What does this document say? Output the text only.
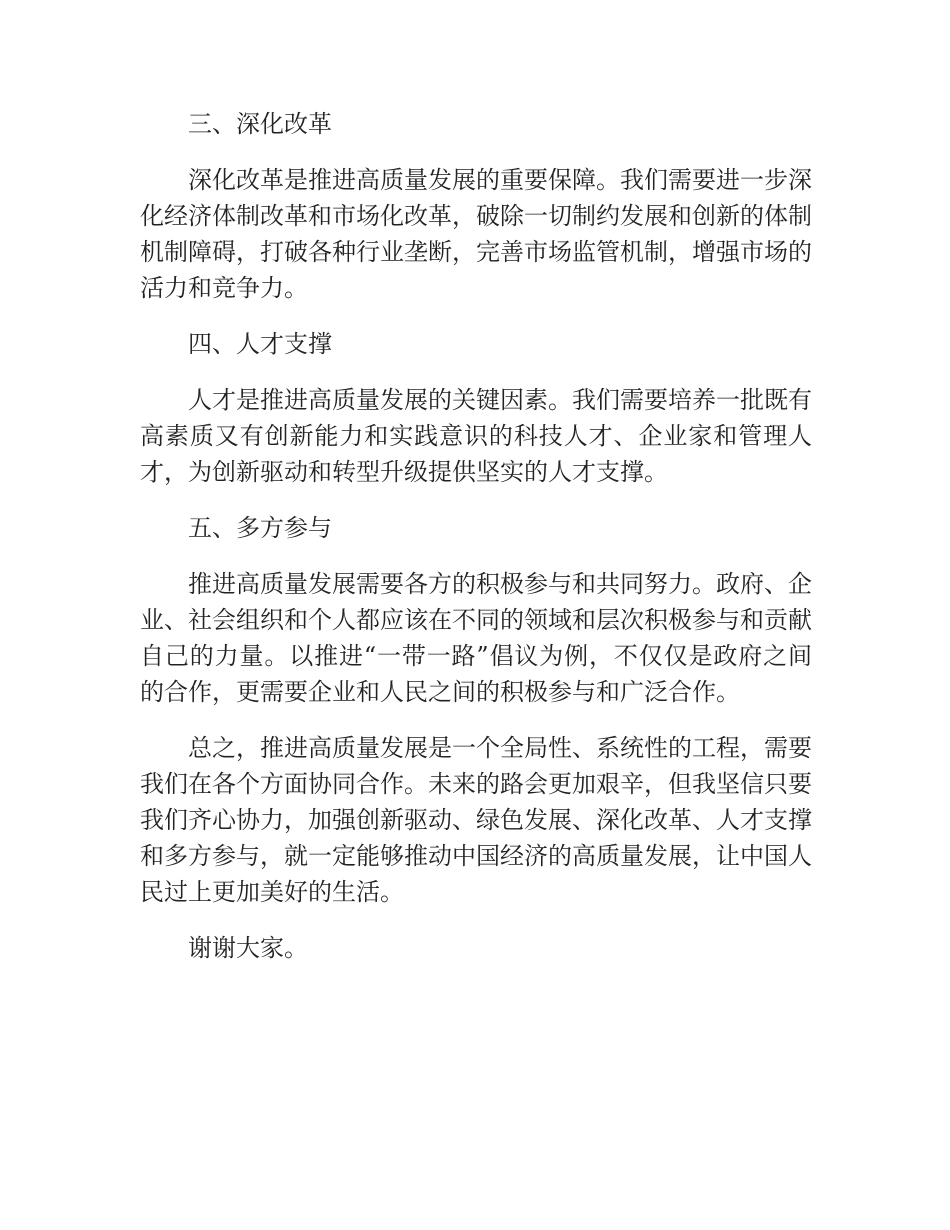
三、深化改革

深化改革是推进高质量发展的重要保障。我们需要进一步深化经济体制改革和市场化改革，破除一切制约发展和创新的体制机制障碍，打破各种行业垄断，完善市场监管机制，增强市场的活力和竞争力。

四、人才支撑

人才是推进高质量发展的关键因素。我们需要培养一批既有高素质又有创新能力和实践意识的科技人才、企业家和管理人才，为创新驱动和转型升级提供坚实的人才支撑。

五、多方参与

推进高质量发展需要各方的积极参与和共同努力。政府、企业、社会组织和个人都应该在不同的领域和层次积极参与和贡献自己的力量。以推进“一带一路”倡议为例，不仅仅是政府之间的合作，更需要企业和人民之间的积极参与和广泛合作。

总之，推进高质量发展是一个全局性、系统性的工程，需要我们在各个方面协同合作。未来的路会更加艰辛，但我坚信只要我们齐心协力，加强创新驱动、绿色发展、深化改革、人才支撑和多方参与，就一定能够推动中国经济的高质量发展，让中国人民过上更加美好的生活。

谢谢大家。
